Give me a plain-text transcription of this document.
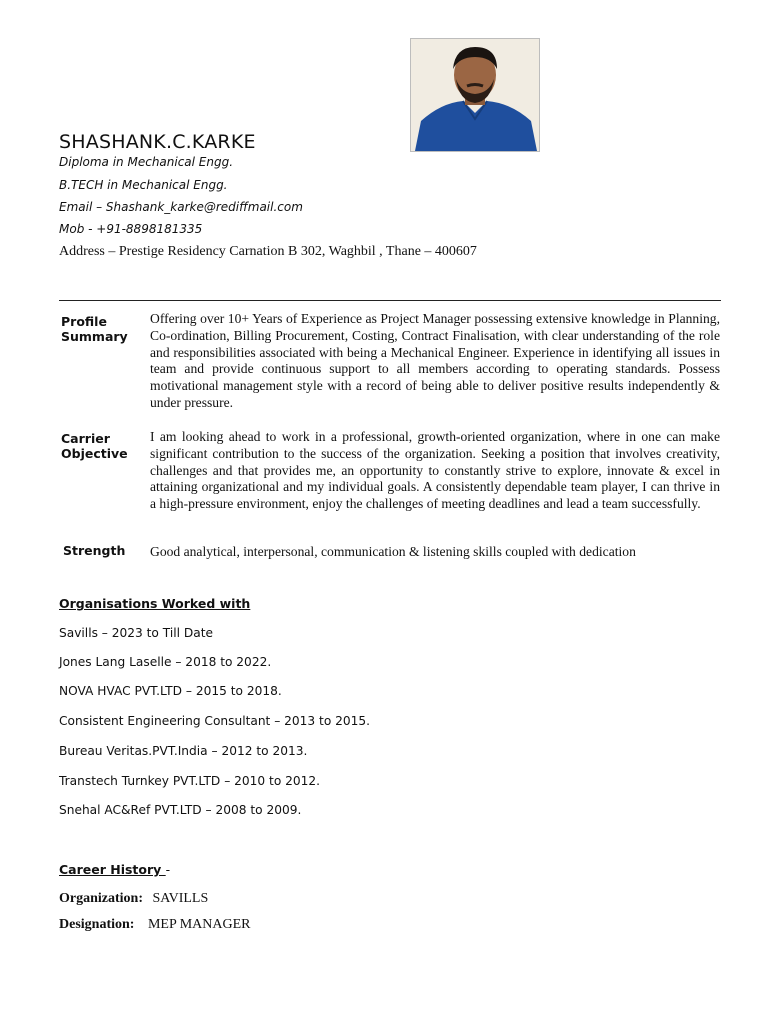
SHASHANK.C.KARKE
Diploma in Mechanical Engg.
B.TECH in Mechanical Engg.
Email – Shashank_karke@rediffmail.com
Mob - +91-8898181335
Address – Prestige Residency Carnation B 302, Waghbil , Thane – 400607
Profile
Summary
Offering over 10+ Years of Experience as Project Manager possessing extensive knowledge in Planning, Co-ordination, Billing Procurement, Costing, Contract Finalisation, with clear understanding of the role and responsibilities associated with being a Mechanical Engineer. Experience in identifying all issues in team and provide continuous support to all members according to operating standards. Possess motivational management style with a record of being able to deliver positive results independently & under pressure.
Carrier
Objective
I am looking ahead to work in a professional, growth-oriented organization, where in one can make significant contribution to the success of the organization. Seeking a position that involves creativity, challenges and that provides me, an opportunity to constantly strive to explore, innovate & excel in attaining organizational and my individual goals. A consistently dependable team player, I can thrive in a high-pressure environment, enjoy the challenges of meeting deadlines and lead a team successfully.
Strength	Good analytical, interpersonal, communication & listening skills coupled with dedication
Organisations Worked with
Savills – 2023 to Till Date
Jones Lang Laselle – 2018 to 2022.
NOVA HVAC PVT.LTD – 2015 to 2018.
Consistent Engineering Consultant – 2013 to 2015.
Bureau Veritas.PVT.India – 2012 to 2013.
Transtech Turnkey PVT.LTD – 2010 to 2012.
Snehal AC&Ref PVT.LTD – 2008 to 2009.
Career History -
Organization: SAVILLS
Designation: MEP MANAGER
